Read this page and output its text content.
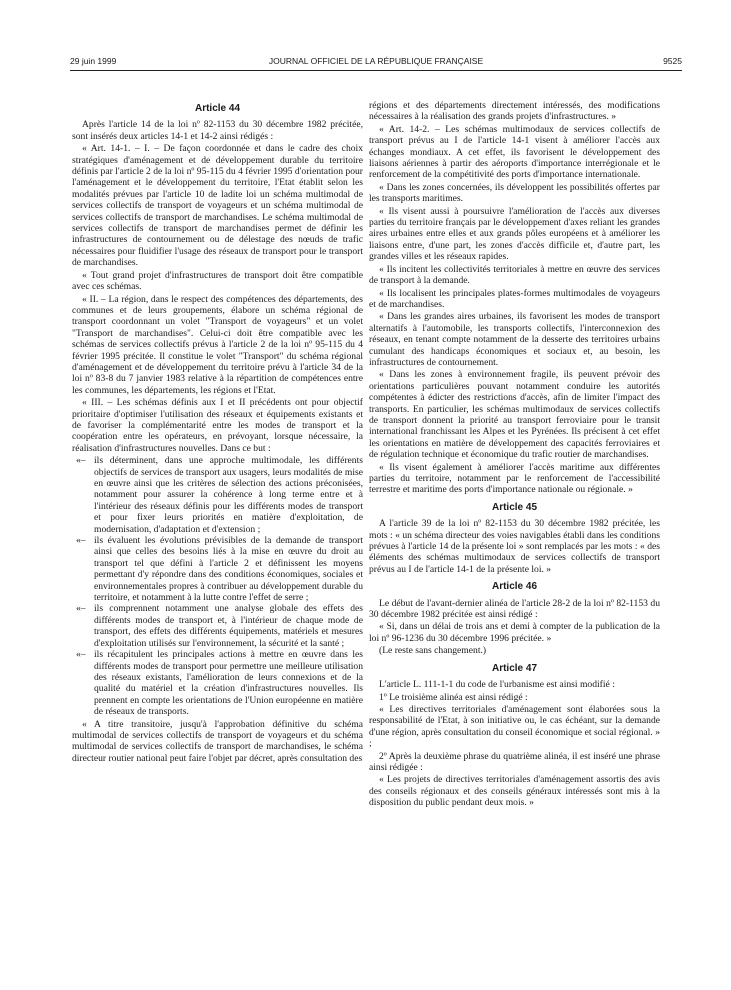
29 juin 1999	JOURNAL OFFICIEL DE LA RÉPUBLIQUE FRANÇAISE	9525
Article 44

Après l'article 14 de la loi nº 82-1153 du 30 décembre 1982 précitée, sont insérés deux articles 14-1 et 14-2 ainsi rédigés :

« Art. 14-1. – I. – De façon coordonnée et dans le cadre des choix stratégiques d'aménagement et de développement durable du territoire définis par l'article 2 de la loi nº 95-115 du 4 février 1995 d'orientation pour l'aménagement et le développement du territoire, l'Etat établit selon les modalités prévues par l'article 10 de ladite loi un schéma multimodal de services collectifs de transport de voyageurs et un schéma multimodal de services collectifs de transport de marchandises. Le schéma multimodal de services collectifs de transport de marchandises permet de définir les infrastructures de contournement ou de délestage des nœuds de trafic nécessaires pour fluidifier l'usage des réseaux de transport pour le transport de marchandises.

« Tout grand projet d'infrastructures de transport doit être compatible avec ces schémas.

« II. – La région, dans le respect des compétences des départements, des communes et de leurs groupements, élabore un schéma régional de transport coordonnant un volet "Transport de voyageurs" et un volet "Transport de marchandises". Celui-ci doit être compatible avec les schémas de services collectifs prévus à l'article 2 de la loi nº 95-115 du 4 février 1995 précitée. Il constitue le volet "Transport" du schéma régional d'aménagement et de développement du territoire prévu à l'article 34 de la loi nº 83-8 du 7 janvier 1983 relative à la répartition de compétences entre les communes, les départements, les régions et l'Etat.

« III. – Les schémas définis aux I et II précédents ont pour objectif prioritaire d'optimiser l'utilisation des réseaux et équipements existants et de favoriser la complémentarité entre les modes de transport et la coopération entre les opérateurs, en prévoyant, lorsque nécessaire, la réalisation d'infrastructures nouvelles. Dans ce but :

«– ils déterminent, dans une approche multimodale, les différents objectifs de services de transport aux usagers, leurs modalités de mise en œuvre ainsi que les critères de sélection des actions préconisées, notamment pour assurer la cohérence à long terme entre et à l'intérieur des réseaux définis pour les différents modes de transport et pour fixer leurs priorités en matière d'exploitation, de modernisation, d'adaptation et d'extension ;
«– ils évaluent les évolutions prévisibles de la demande de transport ainsi que celles des besoins liés à la mise en œuvre du droit au transport tel que défini à l'article 2 et définissent les moyens permettant d'y répondre dans des conditions économiques, sociales et environnementales propres à contribuer au développement durable du territoire, et notamment à la lutte contre l'effet de serre ;
«– ils comprennent notamment une analyse globale des effets des différents modes de transport et, à l'intérieur de chaque mode de transport, des effets des différents équipements, matériels et mesures d'exploitation utilisés sur l'environnement, la sécurité et la santé ;
«– ils récapitulent les principales actions à mettre en œuvre dans les différents modes de transport pour permettre une meilleure utilisation des réseaux existants, l'amélioration de leurs connexions et de la qualité du matériel et la création d'infrastructures nouvelles. Ils prennent en compte les orientations de l'Union européenne en matière de réseaux de transports.

« A titre transitoire, jusqu'à l'approbation définitive du schéma multimodal de services collectifs de transport de voyageurs et du schéma multimodal de services collectifs de transport de marchandises, le schéma directeur routier national peut faire l'objet par décret, après consultation des

régions et des départements directement intéressés, des modifications nécessaires à la réalisation des grands projets d'infrastructures. »

« Art. 14-2. – Les schémas multimodaux de services collectifs de transport prévus au I de l'article 14-1 visent à améliorer l'accès aux échanges mondiaux. A cet effet, ils favorisent le développement des liaisons aériennes à partir des aéroports d'importance interrégionale et le renforcement de la compétitivité des ports d'importance internationale.

« Dans les zones concernées, ils développent les possibilités offertes par les transports maritimes.

« Ils visent aussi à poursuivre l'amélioration de l'accès aux diverses parties du territoire français par le développement d'axes reliant les grandes aires urbaines entre elles et aux grands pôles européens et à améliorer les liaisons entre, d'une part, les zones d'accès difficile et, d'autre part, les grandes villes et les réseaux rapides.

« Ils incitent les collectivités territoriales à mettre en œuvre des services de transport à la demande.

« Ils localisent les principales plates-formes multimodales de voyageurs et de marchandises.

« Dans les grandes aires urbaines, ils favorisent les modes de transport alternatifs à l'automobile, les transports collectifs, l'interconnexion des réseaux, en tenant compte notamment de la desserte des territoires urbains cumulant des handicaps économiques et sociaux et, au besoin, les infrastructures de contournement.

« Dans les zones à environnement fragile, ils peuvent prévoir des orientations particulières pouvant notamment conduire les autorités compétentes à édicter des restrictions d'accès, afin de limiter l'impact des transports. En particulier, les schémas multimodaux de services collectifs de transport donnent la priorité au transport ferroviaire pour le transit international franchissant les Alpes et les Pyrénées. Ils précisent à cet effet les orientations en matière de développement des capacités ferroviaires et de régulation technique et économique du trafic routier de marchandises.

« Ils visent également à améliorer l'accès maritime aux différentes parties du territoire, notamment par le renforcement de l'accessibilité terrestre et maritime des ports d'importance nationale ou régionale. »

Article 45

A l'article 39 de la loi nº 82-1153 du 30 décembre 1982 précitée, les mots : « un schéma directeur des voies navigables établi dans les conditions prévues à l'article 14 de la présente loi » sont remplacés par les mots : « des éléments des schémas multimodaux de services collectifs de transport prévus au I de l'article 14-1 de la présente loi. »

Article 46

Le début de l'avant-dernier alinéa de l'article 28-2 de la loi nº 82-1153 du 30 décembre 1982 précitée est ainsi rédigé :

« Si, dans un délai de trois ans et demi à compter de la publication de la loi nº 96-1236 du 30 décembre 1996 précitée. »

(Le reste sans changement.)

Article 47

L'article L. 111-1-1 du code de l'urbanisme est ainsi modifié :

1º Le troisième alinéa est ainsi rédigé :

« Les directives territoriales d'aménagement sont élaborées sous la responsabilité de l'Etat, à son initiative ou, le cas échéant, sur la demande d'une région, après consultation du conseil économique et social régional. » ;

2º Après la deuxième phrase du quatrième alinéa, il est inséré une phrase ainsi rédigée :

« Les projets de directives territoriales d'aménagement assortis des avis des conseils régionaux et des conseils généraux intéressés sont mis à la disposition du public pendant deux mois. »
